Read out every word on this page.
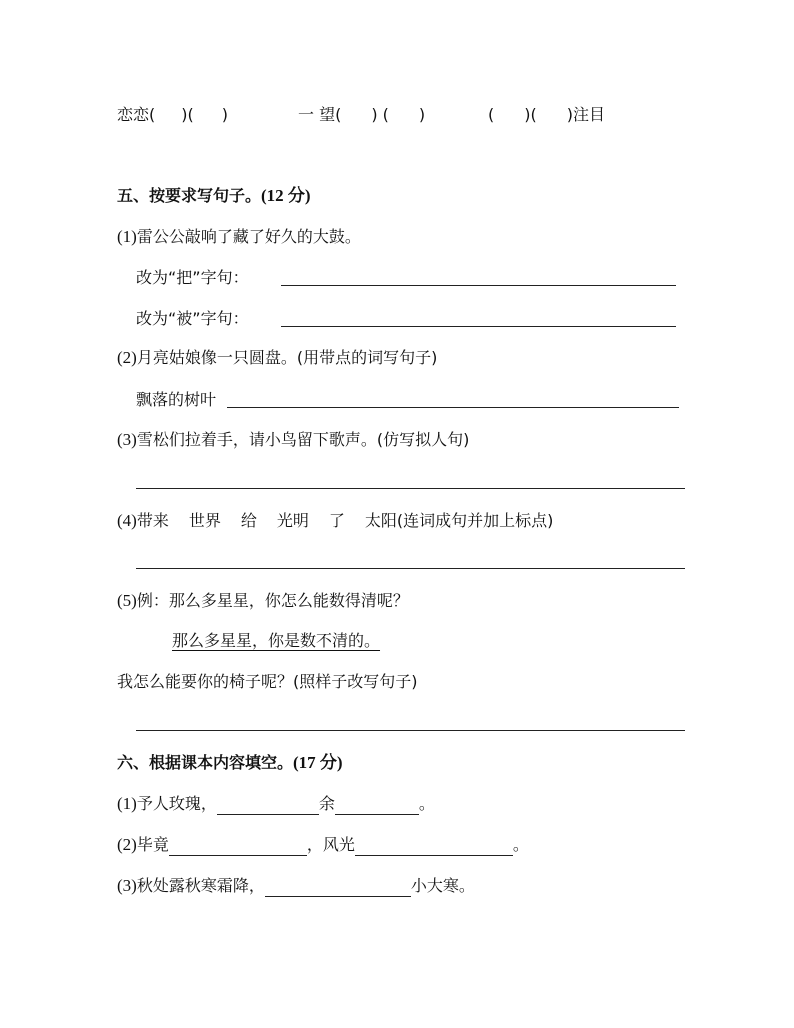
恋恋( )( )	一 望( ) ( )	( )( )注目
五、按要求写句子。(12 分)
(1)雷公公敲响了藏了好久的大鼓。
改为“把”字句：
改为“被”字句：
(2)月亮姑娘像一只圆盘。(用带点的词写句子)
飘落的树叶
(3)雪松们拉着手，请小鸟留下歌声。(仿写拟人句)
(4)带来 世界 给 光明 了 太阳(连词成句并加上标点)
(5)例：那么多星星，你怎么能数得清呢？
那么多星星，你是数不清的。
我怎么能要你的椅子呢？(照样子改写句子)
六、根据课本内容填空。(17 分)
(1)予人玫瑰，	余	。
(2)毕竟	，风光	。
(3)秋处露秋寒霜降，	小大寒。
